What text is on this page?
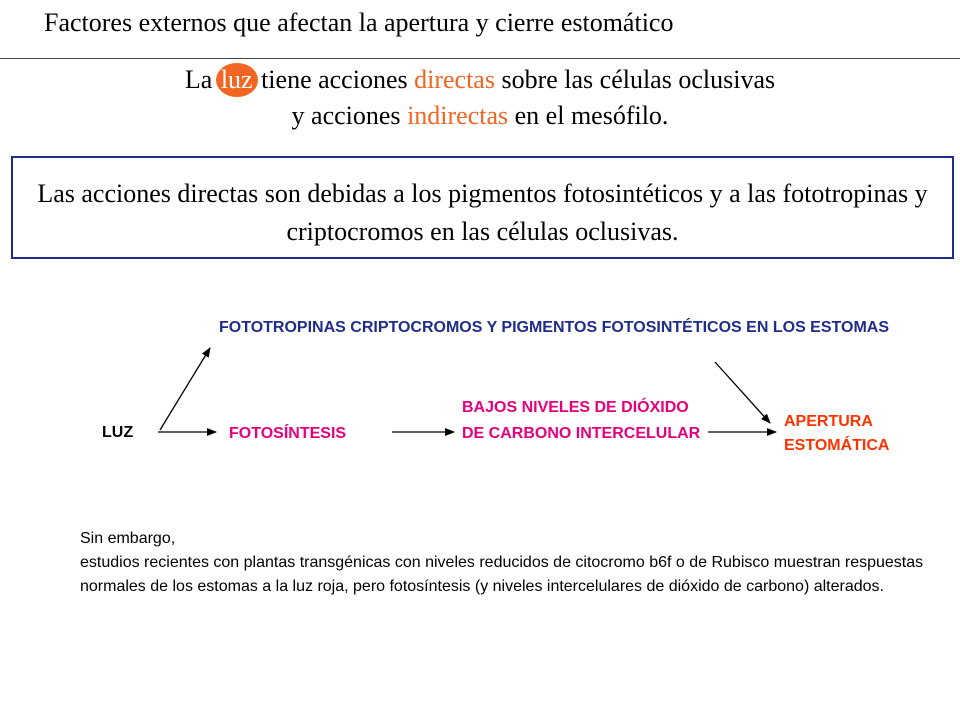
Factores externos que afectan la apertura y cierre estomático
La luz tiene acciones directas sobre las células oclusivas
y acciones indirectas en el mesófilo.
Las acciones directas son debidas a los pigmentos fotosintéticos y a las fototropinas y criptocromos en las células oclusivas.
LUZ
FOTOTROPINAS CRIPTOCROMOS Y PIGMENTOS FOTOSINTÉTICOS EN LOS ESTOMAS
FOTOSÍNTESIS
BAJOS NIVELES DE DIÓXIDO DE CARBONO INTERCELULAR
APERTURA ESTOMÁTICA
Sin embargo,
estudios recientes con plantas transgénicas con niveles reducidos de citocromo b6f o de Rubisco muestran respuestas normales de los estomas a la luz roja, pero fotosíntesis (y niveles intercelulares de dióxido de carbono) alterados.
